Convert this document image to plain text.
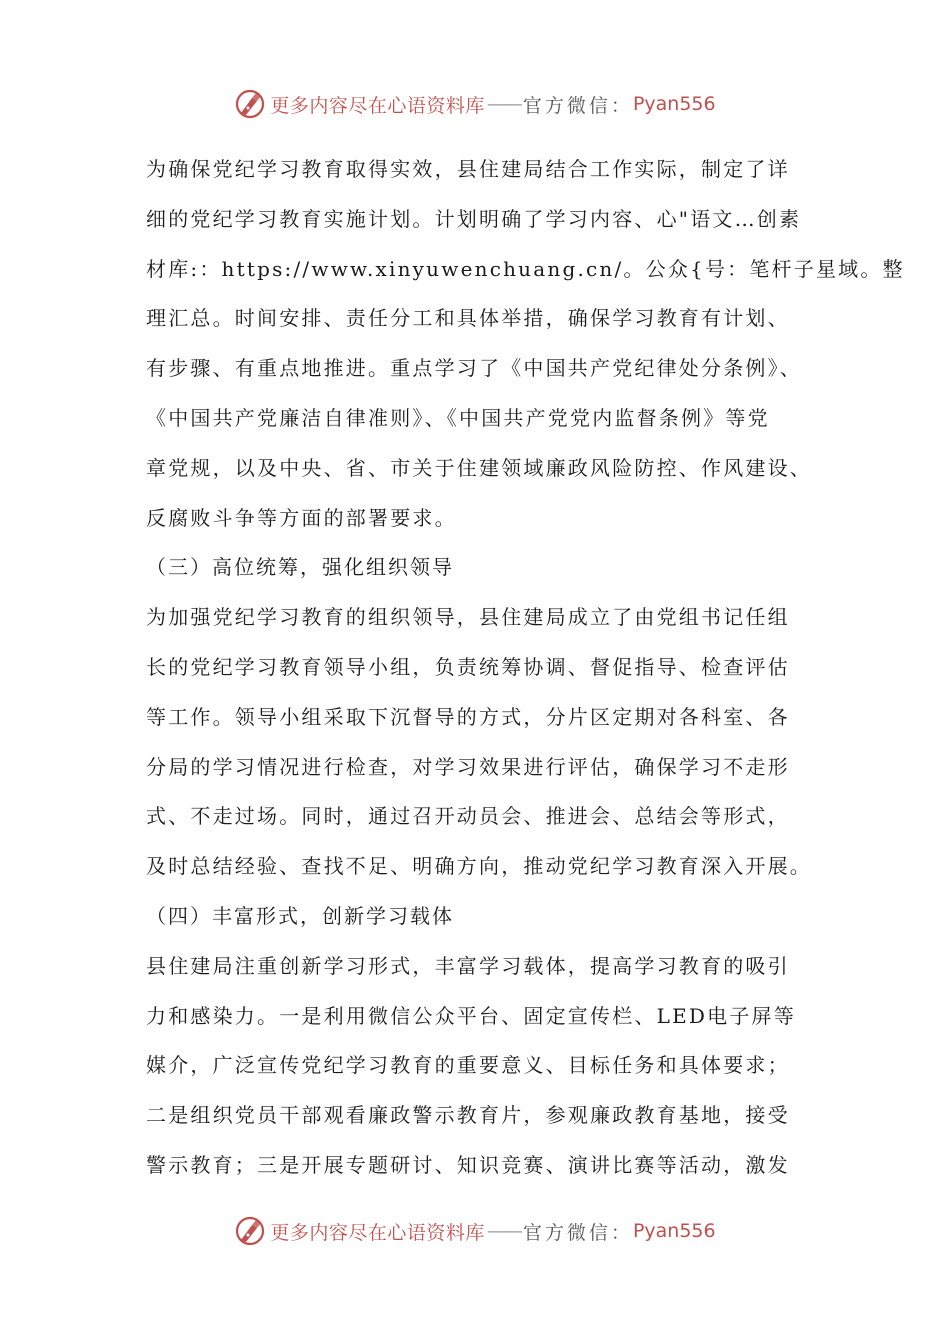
更多内容尽在心语资料库 —— 官方微信： Pyan556
为确保党纪学习教育取得实效，县住建局结合工作实际，制定了详
细的党纪学习教育实施计划。计划明确了学习内容、心"语文…创素
材库:：https://www.xinyuwenchuang.cn/。公众{号：笔杆子星域。整
理汇总。时间安排、责任分工和具体举措，确保学习教育有计划、
有步骤、有重点地推进。重点学习了《中国共产党纪律处分条例》、
《中国共产党廉洁自律准则》、《中国共产党党内监督条例》等党
章党规，以及中央、省、市关于住建领域廉政风险防控、作风建设、
反腐败斗争等方面的部署要求。
（三）高位统筹，强化组织领导
为加强党纪学习教育的组织领导，县住建局成立了由党组书记任组
长的党纪学习教育领导小组，负责统筹协调、督促指导、检查评估
等工作。领导小组采取下沉督导的方式，分片区定期对各科室、各
分局的学习情况进行检查，对学习效果进行评估，确保学习不走形
式、不走过场。同时，通过召开动员会、推进会、总结会等形式，
及时总结经验、查找不足、明确方向，推动党纪学习教育深入开展。
（四）丰富形式，创新学习载体
县住建局注重创新学习形式，丰富学习载体，提高学习教育的吸引
力和感染力。一是利用微信公众平台、固定宣传栏、LED电子屏等
媒介，广泛宣传党纪学习教育的重要意义、目标任务和具体要求；
二是组织党员干部观看廉政警示教育片，参观廉政教育基地，接受
警示教育；三是开展专题研讨、知识竞赛、演讲比赛等活动，激发
更多内容尽在心语资料库 —— 官方微信： Pyan556
